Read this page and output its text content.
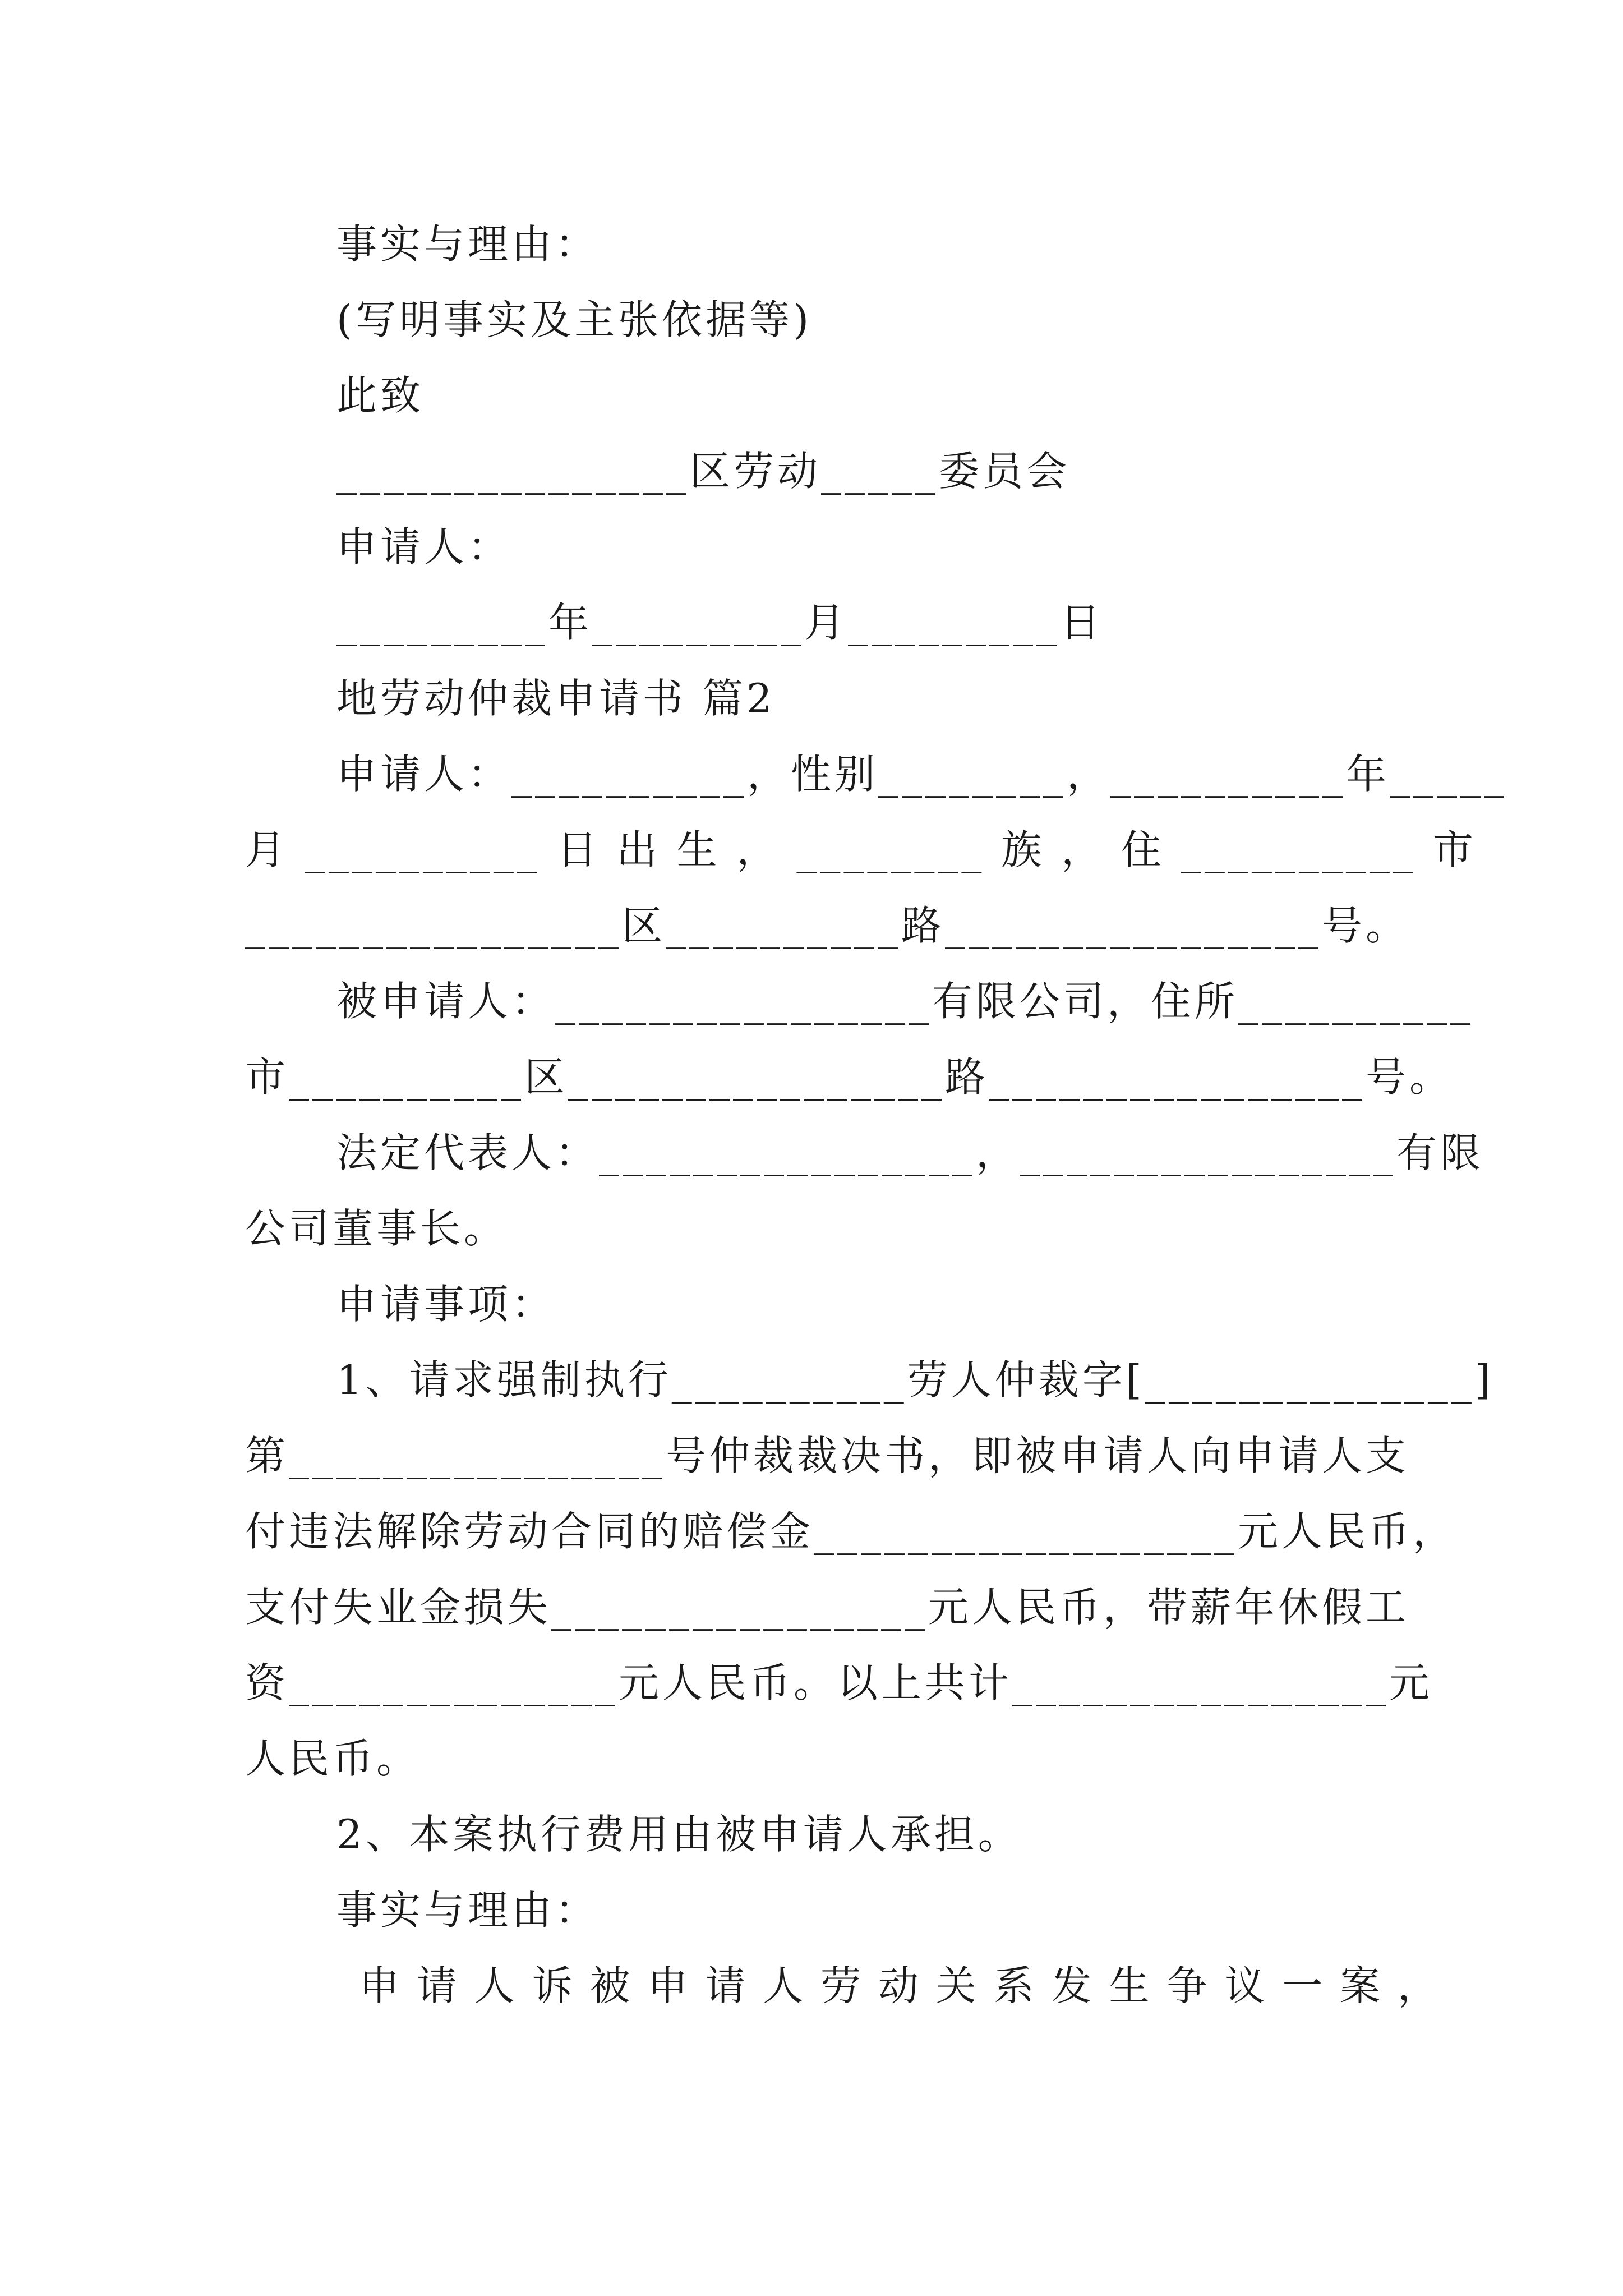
事实与理由：
(写明事实及主张依据等)
此致
_______________区劳动_____委员会
申请人：
_________年_________月_________日
地劳动仲裁申请书 篇2
申请人：__________，性别________，__________年_____
月 __________ 日 出 生 ， ________ 族 ， 住 __________ 市
________________区__________路________________号。
被申请人：________________有限公司，住所__________
市__________区________________路________________号。
法定代表人：________________，________________有限
公司董事长。
申请事项：
1、请求强制执行__________劳人仲裁字[______________]
第________________号仲裁裁决书，即被申请人向申请人支
付违法解除劳动合同的赔偿金__________________元人民币，
支付失业金损失________________元人民币，带薪年休假工
资______________元人民币。以上共计________________元
人民币。
2、本案执行费用由被申请人承担。
事实与理由：
申 请 人 诉 被 申 请 人 劳 动 关 系 发 生 争 议 一 案 ，
